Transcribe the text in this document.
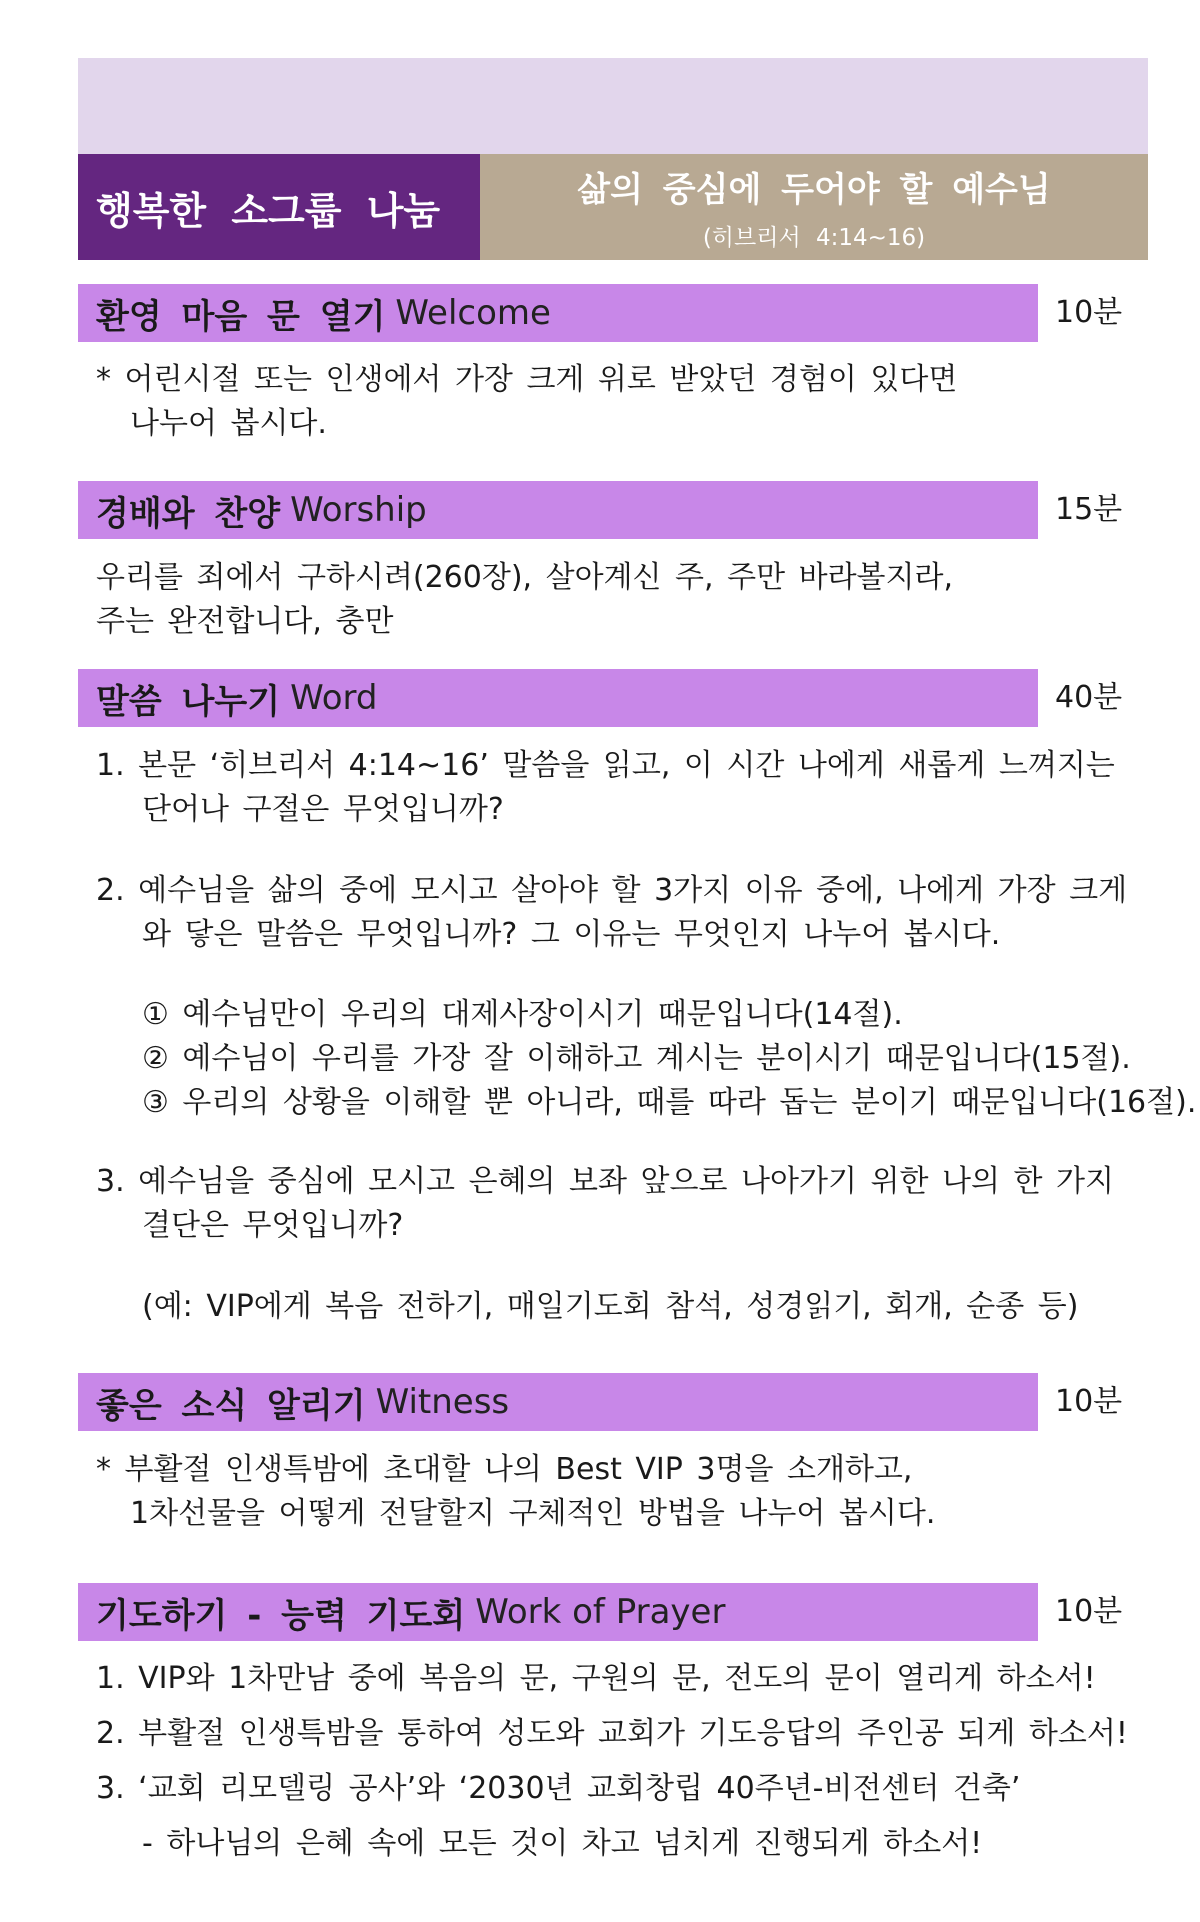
행복한 소그룹 나눔	삶의 중심에 두어야 할 예수님
(히브리서 4:14~16)
환영 마음 문 열기 Welcome	10분
* 어린시절 또는 인생에서 가장 크게 위로 받았던 경험이 있다면
나누어 봅시다.
경배와 찬양 Worship	15분
우리를 죄에서 구하시려(260장), 살아계신 주, 주만 바라볼지라,
주는 완전합니다, 충만
말씀 나누기 Word	40분
1. 본문 ‘히브리서 4:14~16’ 말씀을 읽고, 이 시간 나에게 새롭게 느껴지는
단어나 구절은 무엇입니까?
2. 예수님을 삶의 중에 모시고 살아야 할 3가지 이유 중에, 나에게 가장 크게
와 닿은 말씀은 무엇입니까? 그 이유는 무엇인지 나누어 봅시다.
① 예수님만이 우리의 대제사장이시기 때문입니다(14절).
② 예수님이 우리를 가장 잘 이해하고 계시는 분이시기 때문입니다(15절).
③ 우리의 상황을 이해할 뿐 아니라, 때를 따라 돕는 분이기 때문입니다(16절).
3. 예수님을 중심에 모시고 은혜의 보좌 앞으로 나아가기 위한 나의 한 가지
결단은 무엇입니까?
(예: VIP에게 복음 전하기, 매일기도회 참석, 성경읽기, 회개, 순종 등)
좋은 소식 알리기 Witness	10분
* 부활절 인생특밤에 초대할 나의 Best VIP 3명을 소개하고,
1차선물을 어떻게 전달할지 구체적인 방법을 나누어 봅시다.
기도하기 - 능력 기도회 Work of Prayer	10분
1. VIP와 1차만남 중에 복음의 문, 구원의 문, 전도의 문이 열리게 하소서!
2. 부활절 인생특밤을 통하여 성도와 교회가 기도응답의 주인공 되게 하소서!
3. ‘교회 리모델링 공사’와 ‘2030년 교회창립 40주년-비전센터 건축’
- 하나님의 은혜 속에 모든 것이 차고 넘치게 진행되게 하소서!
